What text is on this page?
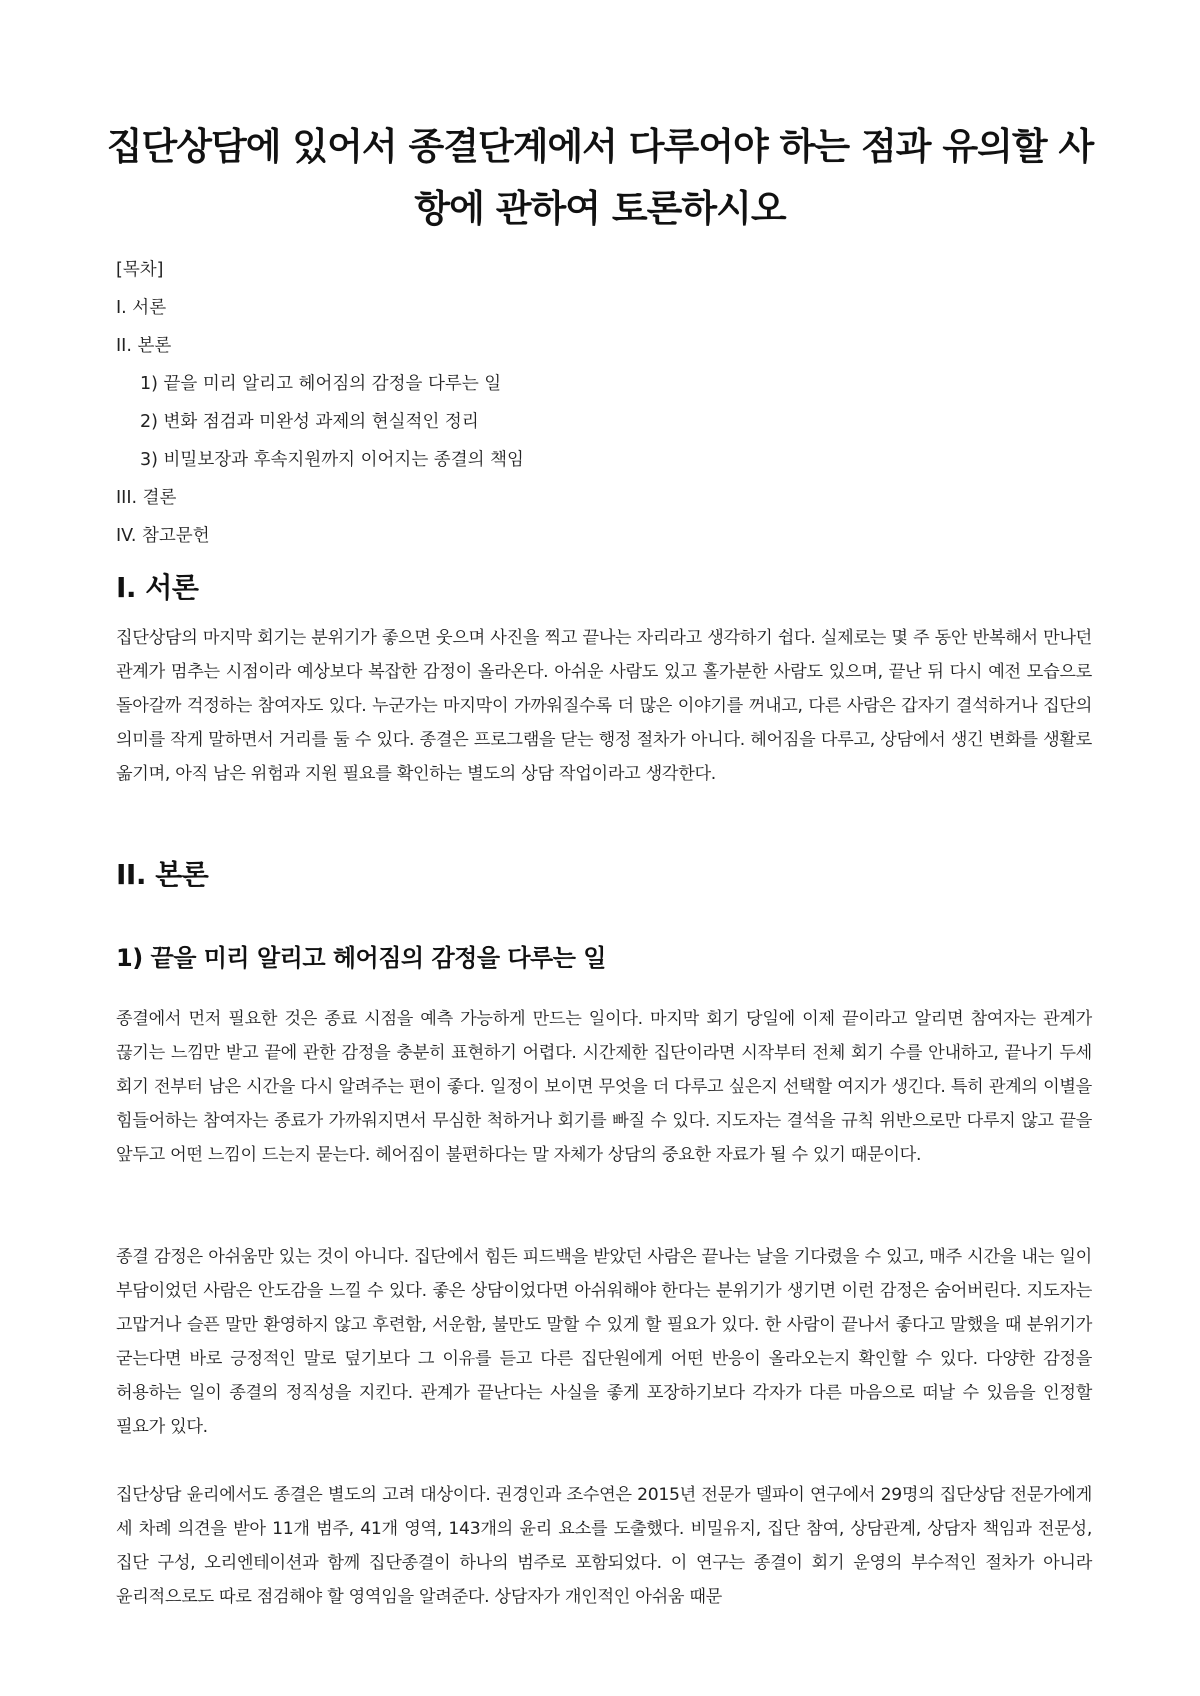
집단상담에 있어서 종결단계에서 다루어야 하는 점과 유의할 사항에 관하여 토론하시오
[목차]
I. 서론
II. 본론
1) 끝을 미리 알리고 헤어짐의 감정을 다루는 일
2) 변화 점검과 미완성 과제의 현실적인 정리
3) 비밀보장과 후속지원까지 이어지는 종결의 책임
III. 결론
IV. 참고문헌
I. 서론

집단상담의 마지막 회기는 분위기가 좋으면 웃으며 사진을 찍고 끝나는 자리라고 생각하기 쉽다. 실제로는 몇 주 동안 반복해서 만나던 관계가 멈추는 시점이라 예상보다 복잡한 감정이 올라온다. 아쉬운 사람도 있고 홀가분한 사람도 있으며, 끝난 뒤 다시 예전 모습으로 돌아갈까 걱정하는 참여자도 있다. 누군가는 마지막이 가까워질수록 더 많은 이야기를 꺼내고, 다른 사람은 갑자기 결석하거나 집단의 의미를 작게 말하면서 거리를 둘 수 있다. 종결은 프로그램을 닫는 행정 절차가 아니다. 헤어짐을 다루고, 상담에서 생긴 변화를 생활로 옮기며, 아직 남은 위험과 지원 필요를 확인하는 별도의 상담 작업이라고 생각한다.

II. 본론
1) 끝을 미리 알리고 헤어짐의 감정을 다루는 일

종결에서 먼저 필요한 것은 종료 시점을 예측 가능하게 만드는 일이다. 마지막 회기 당일에 이제 끝이라고 알리면 참여자는 관계가 끊기는 느낌만 받고 끝에 관한 감정을 충분히 표현하기 어렵다. 시간제한 집단이라면 시작부터 전체 회기 수를 안내하고, 끝나기 두세 회기 전부터 남은 시간을 다시 알려주는 편이 좋다. 일정이 보이면 무엇을 더 다루고 싶은지 선택할 여지가 생긴다. 특히 관계의 이별을 힘들어하는 참여자는 종료가 가까워지면서 무심한 척하거나 회기를 빠질 수 있다. 지도자는 결석을 규칙 위반으로만 다루지 않고 끝을 앞두고 어떤 느낌이 드는지 묻는다. 헤어짐이 불편하다는 말 자체가 상담의 중요한 자료가 될 수 있기 때문이다.

종결 감정은 아쉬움만 있는 것이 아니다. 집단에서 힘든 피드백을 받았던 사람은 끝나는 날을 기다렸을 수 있고, 매주 시간을 내는 일이 부담이었던 사람은 안도감을 느낄 수 있다. 좋은 상담이었다면 아쉬워해야 한다는 분위기가 생기면 이런 감정은 숨어버린다. 지도자는 고맙거나 슬픈 말만 환영하지 않고 후련함, 서운함, 불만도 말할 수 있게 할 필요가 있다. 한 사람이 끝나서 좋다고 말했을 때 분위기가 굳는다면 바로 긍정적인 말로 덮기보다 그 이유를 듣고 다른 집단원에게 어떤 반응이 올라오는지 확인할 수 있다. 다양한 감정을 허용하는 일이 종결의 정직성을 지킨다. 관계가 끝난다는 사실을 좋게 포장하기보다 각자가 다른 마음으로 떠날 수 있음을 인정할 필요가 있다.

집단상담 윤리에서도 종결은 별도의 고려 대상이다. 권경인과 조수연은 2015년 전문가 델파이 연구에서 29명의 집단상담 전문가에게 세 차례 의견을 받아 11개 범주, 41개 영역, 143개의 윤리 요소를 도출했다. 비밀유지, 집단 참여, 상담관계, 상담자 책임과 전문성, 집단 구성, 오리엔테이션과 함께 집단종결이 하나의 범주로 포함되었다. 이 연구는 종결이 회기 운영의 부수적인 절차가 아니라 윤리적으로도 따로 점검해야 할 영역임을 알려준다. 상담자가 개인적인 아쉬움 때문
